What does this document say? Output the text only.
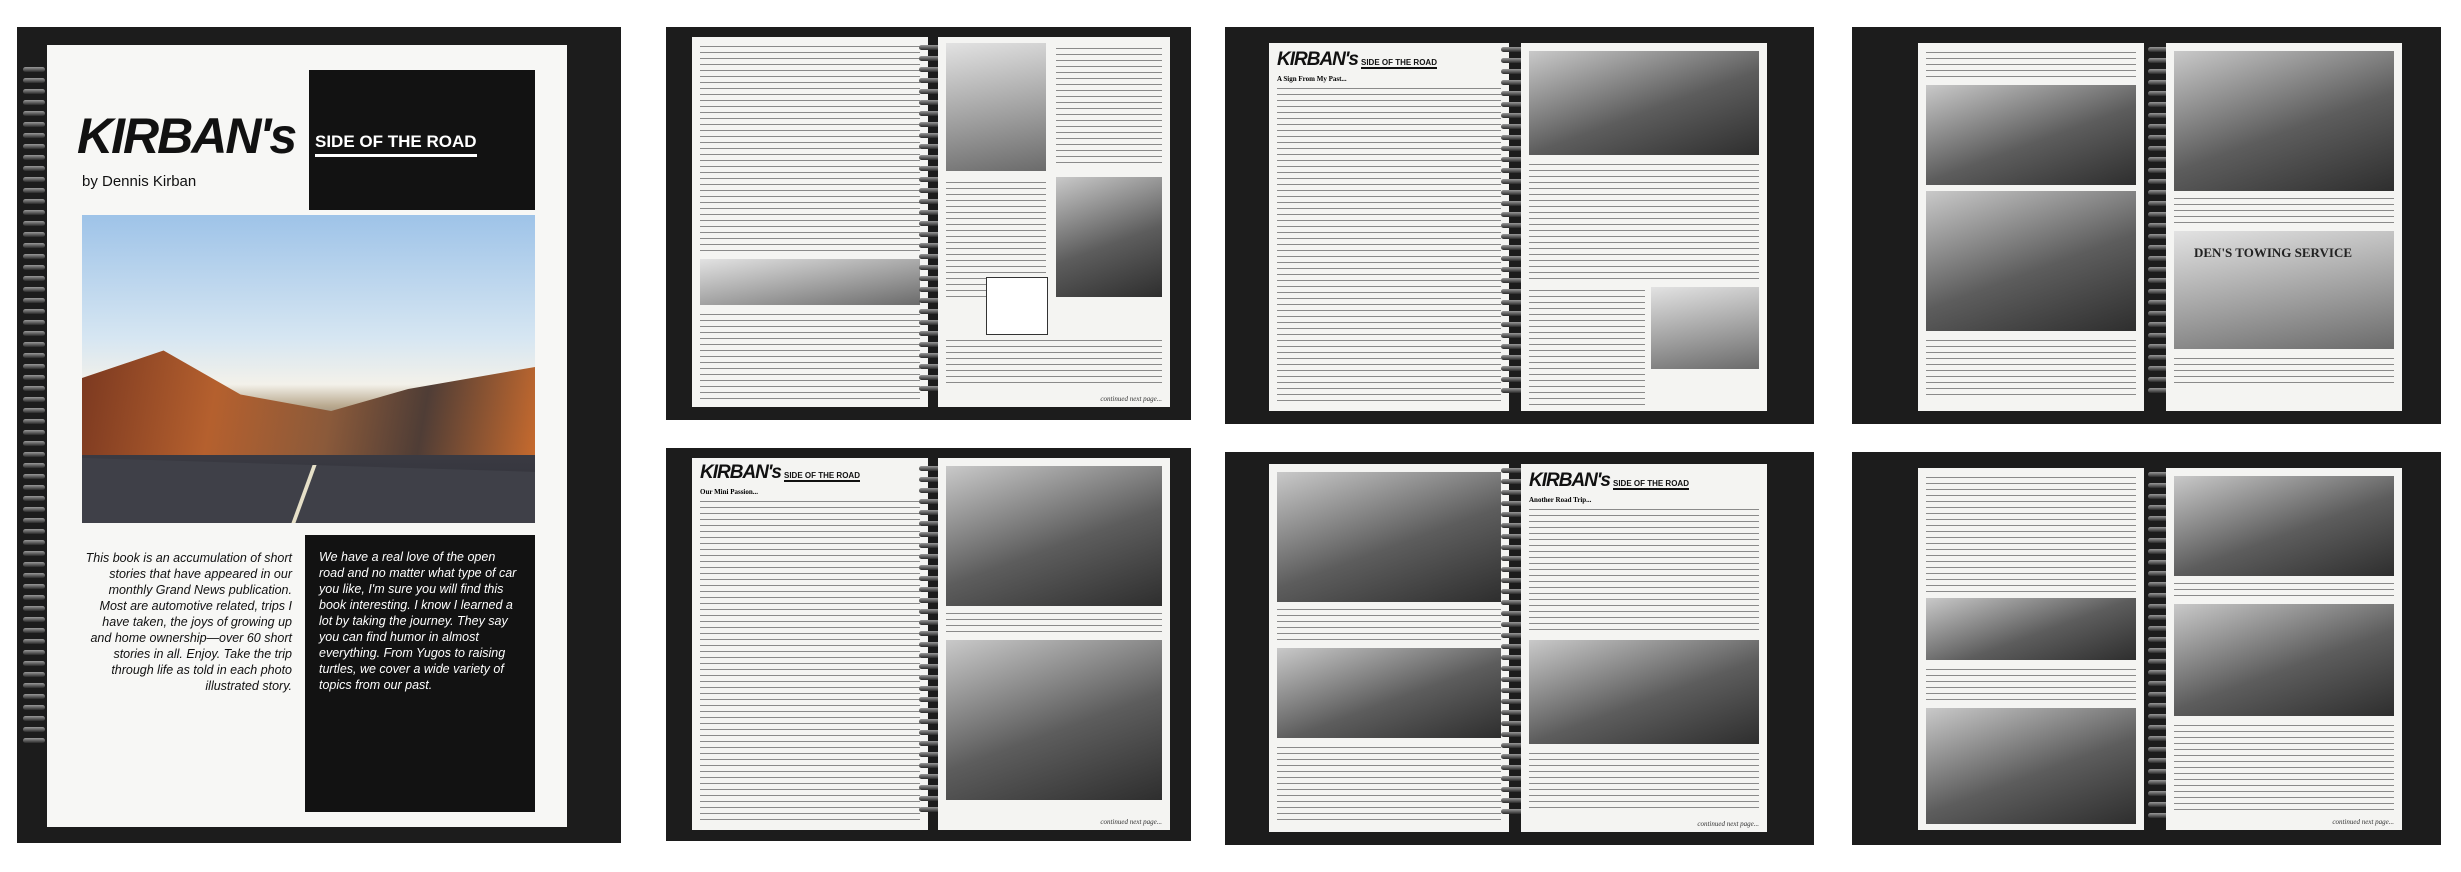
KIRBAN's SIDE OF THE ROAD
by Dennis Kirban
This book is an accumulation of short stories that have appeared in our monthly Grand News publication. Most are automotive related, trips I have taken, the joys of growing up and home ownership—over 60 short stories in all. Enjoy. Take the trip through life as told in each photo illustrated story.
We have a real love of the open road and no matter what type of car you like, I'm sure you will find this book interesting. I know I learned a lot by taking the journey. They say you can find humor in almost everything. From Yugos to raising turtles, we cover a wide variety of topics from our past.
continued next page...
KIRBAN's SIDE OF THE ROAD
Our Mini Passion...
continued next page...
KIRBAN's SIDE OF THE ROAD
A Sign From My Past...
KIRBAN's SIDE OF THE ROAD
Another Road Trip...
continued next page...
DEN'S TOWING SERVICE
continued next page...
